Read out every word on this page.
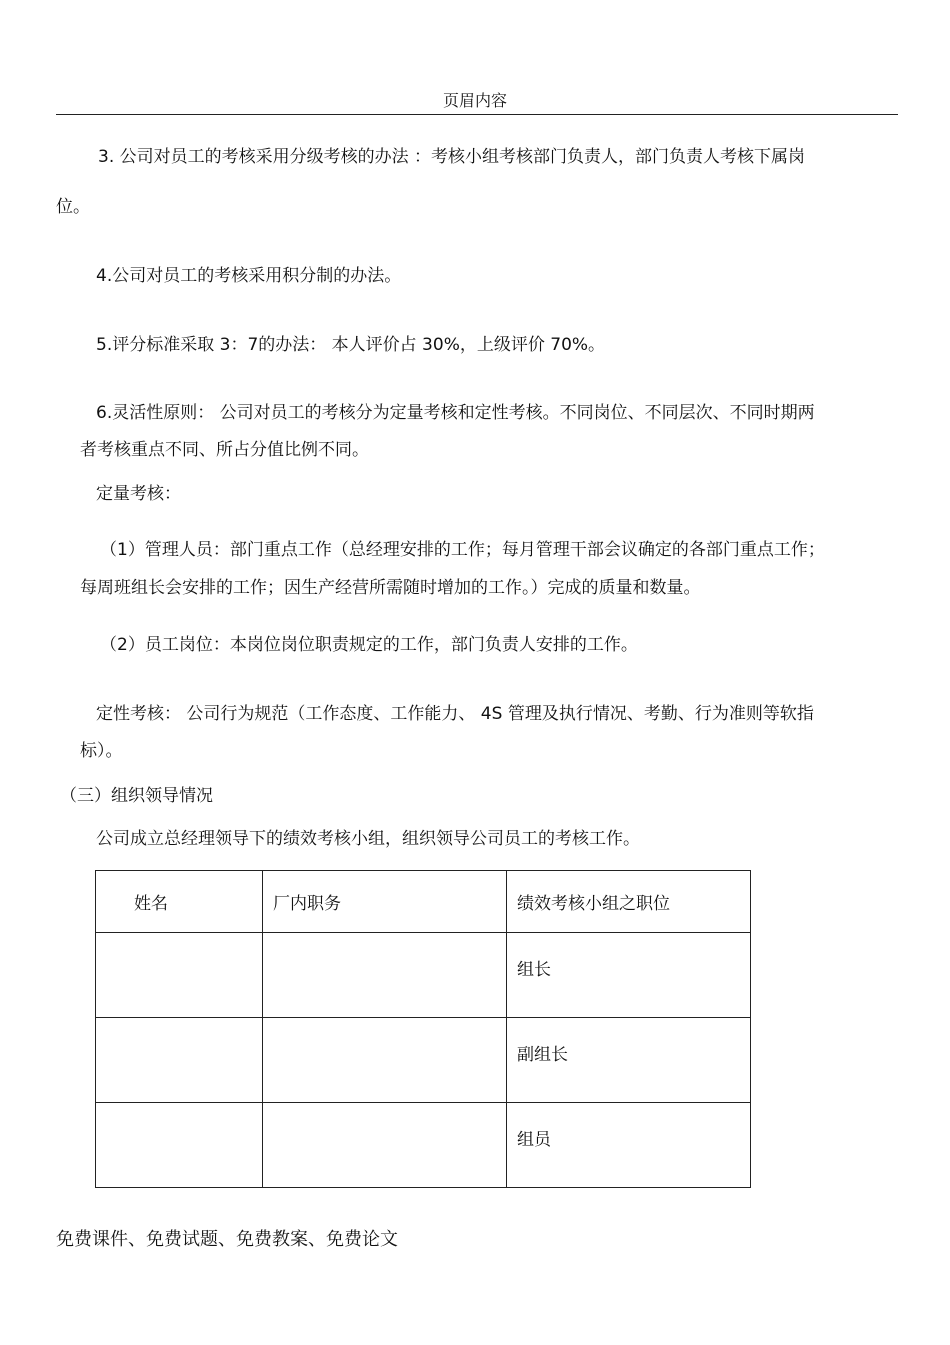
页眉内容
3. 公司对员工的考核采用分级考核的办法 ：考核小组考核部门负责人，部门负责人考核下属岗
位。
4.公司对员工的考核采用积分制的办法。
5.评分标准采取 3：7的办法： 本人评价占 30%，上级评价 70%。
6.灵活性原则： 公司对员工的考核分为定量考核和定性考核。不同岗位、不同层次、不同时期两
者考核重点不同、所占分值比例不同。
定量考核：
（1）管理人员：部门重点工作（总经理安排的工作；每月管理干部会议确定的各部门重点工作；
每周班组长会安排的工作；因生产经营所需随时增加的工作。）完成的质量和数量。
（2）员工岗位：本岗位岗位职责规定的工作，部门负责人安排的工作。
定性考核： 公司行为规范（工作态度、工作能力、 4S 管理及执行情况、考勤、行为准则等软指
标）。
（三）组织领导情况
公司成立总经理领导下的绩效考核小组，组织领导公司员工的考核工作。
姓名	厂内职务	绩效考核小组之职位
		组长
		副组长
		组员
免费课件、免费试题、免费教案、免费论文
